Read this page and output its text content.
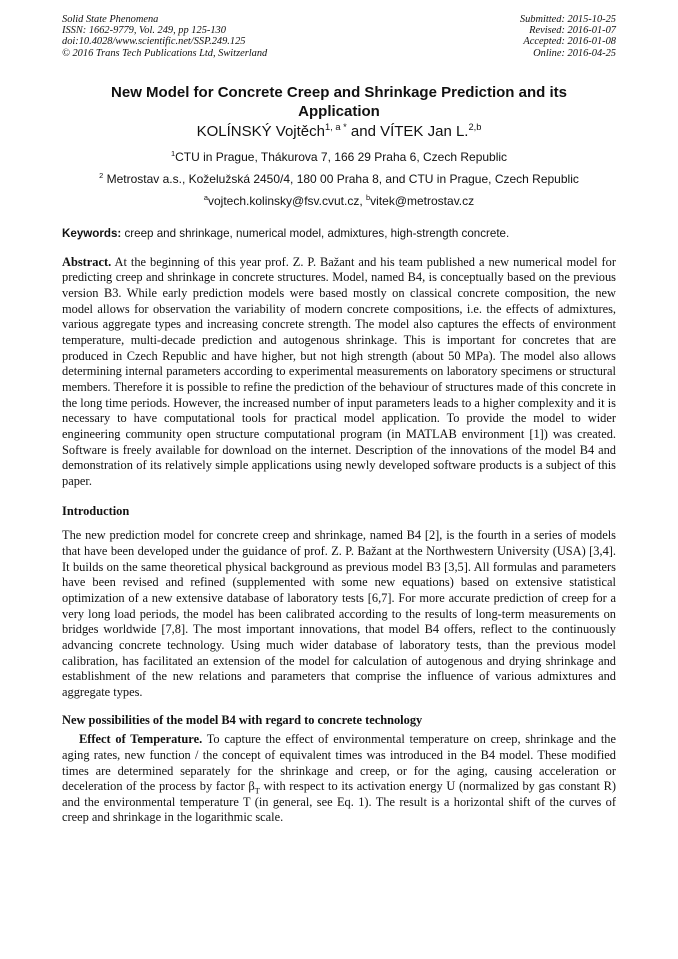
Solid State Phenomena
ISSN: 1662-9779, Vol. 249, pp 125-130
doi:10.4028/www.scientific.net/SSP.249.125
© 2016 Trans Tech Publications Ltd, Switzerland
Submitted: 2015-10-25
Revised: 2016-01-07
Accepted: 2016-01-08
Online: 2016-04-25
New Model for Concrete Creep and Shrinkage Prediction and its
Application
KOLÍNSKÝ Vojtěch$^{1, a *}$ and VÍTEK Jan L.$^{2,b}$
$^1$CTU in Prague, Thákurova 7, 166 29 Praha 6, Czech Republic
$^2$ Metrostav a.s., Koželužská 2450/4, 180 00 Praha 8, and CTU in Prague, Czech Republic
$^a$vojtech.kolinsky@fsv.cvut.cz, $^b$vitek@metrostav.cz
Keywords: creep and shrinkage, numerical model, admixtures, high-strength concrete.
Abstract. At the beginning of this year prof. Z. P. Bažant and his team published a new numerical model for predicting creep and shrinkage in concrete structures. Model, named B4, is conceptually based on the previous version B3. While early prediction models were based mostly on classical concrete composition, the new model allows for observation the variability of modern concrete compositions, i.e. the effects of admixtures, various aggregate types and increasing concrete strength. The model also captures the effects of environment temperature, multi-decade prediction and autogenous shrinkage. This is important for concretes that are produced in Czech Republic and have higher, but not high strength (about 50 MPa). The model also allows determining internal parameters according to experimental measurements on laboratory specimens or structural members. Therefore it is possible to refine the prediction of the behaviour of structures made of this concrete in the long time periods. However, the increased number of input parameters leads to a higher complexity and it is necessary to have computational tools for practical model application. To provide the model to wider engineering community open structure computational program (in MATLAB environment [1]) was created. Software is freely available for download on the internet. Description of the innovations of the model B4 and demonstration of its relatively simple applications using newly developed software products is a subject of this paper.
Introduction
The new prediction model for concrete creep and shrinkage, named B4 [2], is the fourth in a series of models that have been developed under the guidance of prof. Z. P. Bažant at the Northwestern University (USA) [3,4]. It builds on the same theoretical physical background as previous model B3 [3,5]. All formulas and parameters have been revised and refined (supplemented with some new equations) based on extensive statistical optimization of a new extensive database of laboratory tests [6,7]. For more accurate prediction of creep for a very long load periods, the model has been calibrated according to the results of long-term measurements on bridges worldwide [7,8]. The most important innovations, that model B4 offers, reflect to the continuously advancing concrete technology. Using much wider database of laboratory tests, than the previous model calibration, has facilitated an extension of the model for calculation of autogenous and drying shrinkage and establishment of the new relations and parameters that comprise the influence of various admixtures and aggregate types.
New possibilities of the model B4 with regard to concrete technology
Effect of Temperature. To capture the effect of environmental temperature on creep, shrinkage and the aging rates, new function / the concept of equivalent times was introduced in the B4 model. These modified times are determined separately for the shrinkage and creep, or for the aging, causing acceleration or deceleration of the process by factor $\beta_T$ with respect to its activation energy U (normalized by gas constant R) and the environmental temperature T (in general, see Eq. 1). The result is a horizontal shift of the curves of creep and shrinkage in the logarithmic scale.
